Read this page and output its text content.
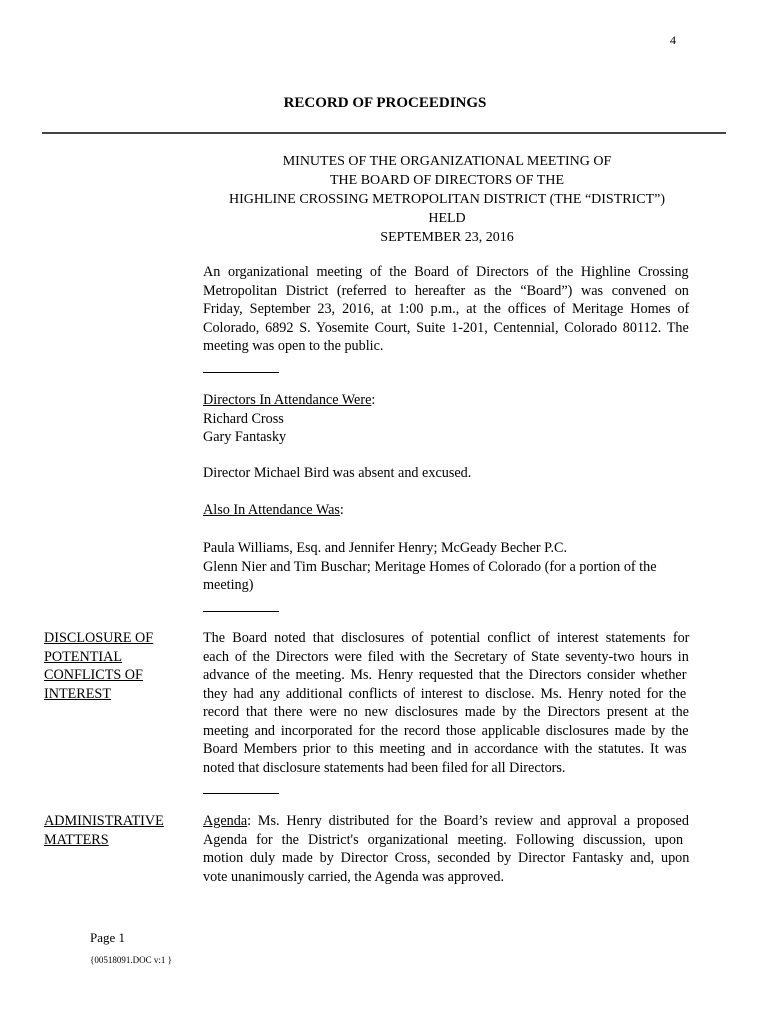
4
RECORD OF PROCEEDINGS
MINUTES OF THE ORGANIZATIONAL MEETING OF
THE BOARD OF DIRECTORS OF THE
HIGHLINE CROSSING METROPOLITAN DISTRICT (THE “DISTRICT”)
HELD
SEPTEMBER 23, 2016
An organizational meeting of the Board of Directors of the Highline Crossing
Metropolitan District (referred to hereafter as the “Board”) was convened on
Friday, September 23, 2016, at 1:00 p.m., at the offices of Meritage Homes of
Colorado, 6892 S. Yosemite Court, Suite 1-201, Centennial, Colorado 80112. The
meeting was open to the public.
Directors In Attendance Were:
Richard Cross
Gary Fantasky
Director Michael Bird was absent and excused.
Also In Attendance Was:
Paula Williams, Esq. and Jennifer Henry; McGeady Becher P.C.
Glenn Nier and Tim Buschar; Meritage Homes of Colorado (for a portion of the
meeting)
DISCLOSURE OF
POTENTIAL
CONFLICTS OF
INTEREST
The Board noted that disclosures of potential conflict of interest statements for
each of the Directors were filed with the Secretary of State seventy-two hours in
advance of the meeting. Ms. Henry requested that the Directors consider whether
they had any additional conflicts of interest to disclose. Ms. Henry noted for the
record that there were no new disclosures made by the Directors present at the
meeting and incorporated for the record those applicable disclosures made by the
Board Members prior to this meeting and in accordance with the statutes. It was
noted that disclosure statements had been filed for all Directors.
ADMINISTRATIVE
MATTERS
Agenda: Ms. Henry distributed for the Board’s review and approval a proposed
Agenda for the District's organizational meeting. Following discussion, upon
motion duly made by Director Cross, seconded by Director Fantasky and, upon
vote unanimously carried, the Agenda was approved.
Page 1
{00518091.DOC v:1 }
